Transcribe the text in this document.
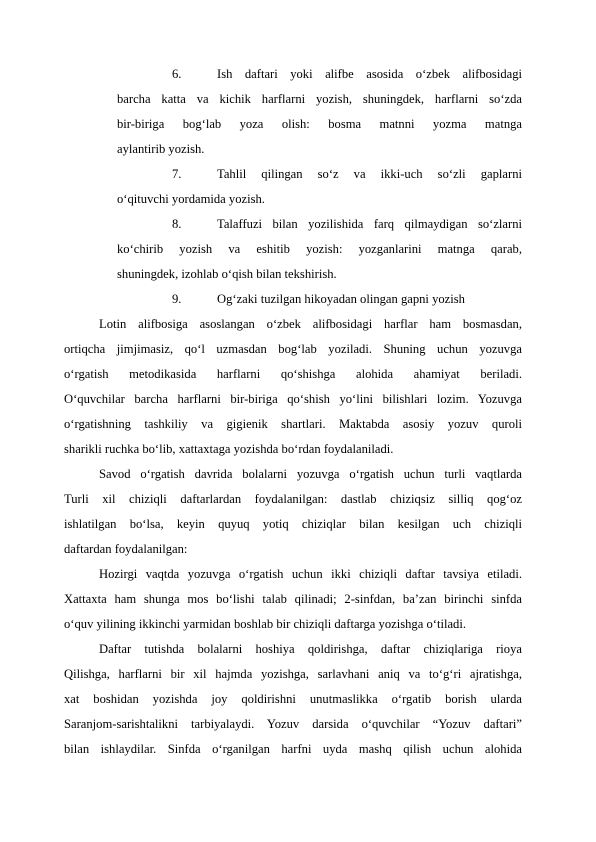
6.	Ish daftari yoki alifbe asosida o‘zbek alifbosidagi
barcha katta va kichik harflarni yozish, shuningdek, harflarni so‘zda
bir-biriga bog‘lab yoza olish: bosma matnni yozma matnga
aylantirib yozish.
7.	Tahlil qilingan so‘z va ikki-uch so‘zli gaplarni
o‘qituvchi yordamida yozish.
8.	Talaffuzi bilan yozilishida farq qilmaydigan so‘zlarni
ko‘chirib yozish va eshitib yozish: yozganlarini matnga qarab,
shuningdek, izohlab o‘qish bilan tekshirish.
9.	Og‘zaki tuzilgan hikoyadan olingan gapni yozish
Lotin alifbosiga asoslangan o‘zbek alifbosidagi harflar ham bosmasdan,
ortiqcha jimjimasiz, qo‘l uzmasdan bog‘lab yoziladi. Shuning uchun yozuvga
o‘rgatish metodikasida harflarni qo‘shishga alohida ahamiyat beriladi.
O‘quvchilar barcha harflarni bir-biriga qo‘shish yo‘lini bilishlari lozim. Yozuvga
o‘rgatishning tashkiliy va gigienik shartlari. Maktabda asosiy yozuv quroli
sharikli ruchka bo‘lib, xattaxtaga yozishda bo‘rdan foydalaniladi.
Savod o‘rgatish davrida bolalarni yozuvga o‘rgatish uchun turli vaqtlarda
Turli xil chiziqli daftarlardan foydalanilgan: dastlab chiziqsiz silliq qog‘oz
ishlatilgan bo‘lsa, keyin quyuq yotiq chiziqlar bilan kesilgan uch chiziqli
daftardan foydalanilgan:
Hozirgi vaqtda yozuvga o‘rgatish uchun ikki chiziqli daftar tavsiya etiladi.
Xattaxta ham shunga mos bo‘lishi talab qilinadi; 2-sinfdan, ba’zan birinchi sinfda
o‘quv yilining ikkinchi yarmidan boshlab bir chiziqli daftarga yozishga o‘tiladi.
Daftar tutishda bolalarni hoshiya qoldirishga, daftar chiziqlariga rioya
Qilishga, harflarni bir xil hajmda yozishga, sarlavhani aniq va to‘g‘ri ajratishga,
xat boshidan yozishda joy qoldirishni unutmaslikka o‘rgatib borish ularda
Saranjom-sarishtalikni tarbiyalaydi. Yozuv darsida o‘quvchilar “Yozuv daftari”
bilan ishlaydilar. Sinfda o‘rganilgan harfni uyda mashq qilish uchun alohida
